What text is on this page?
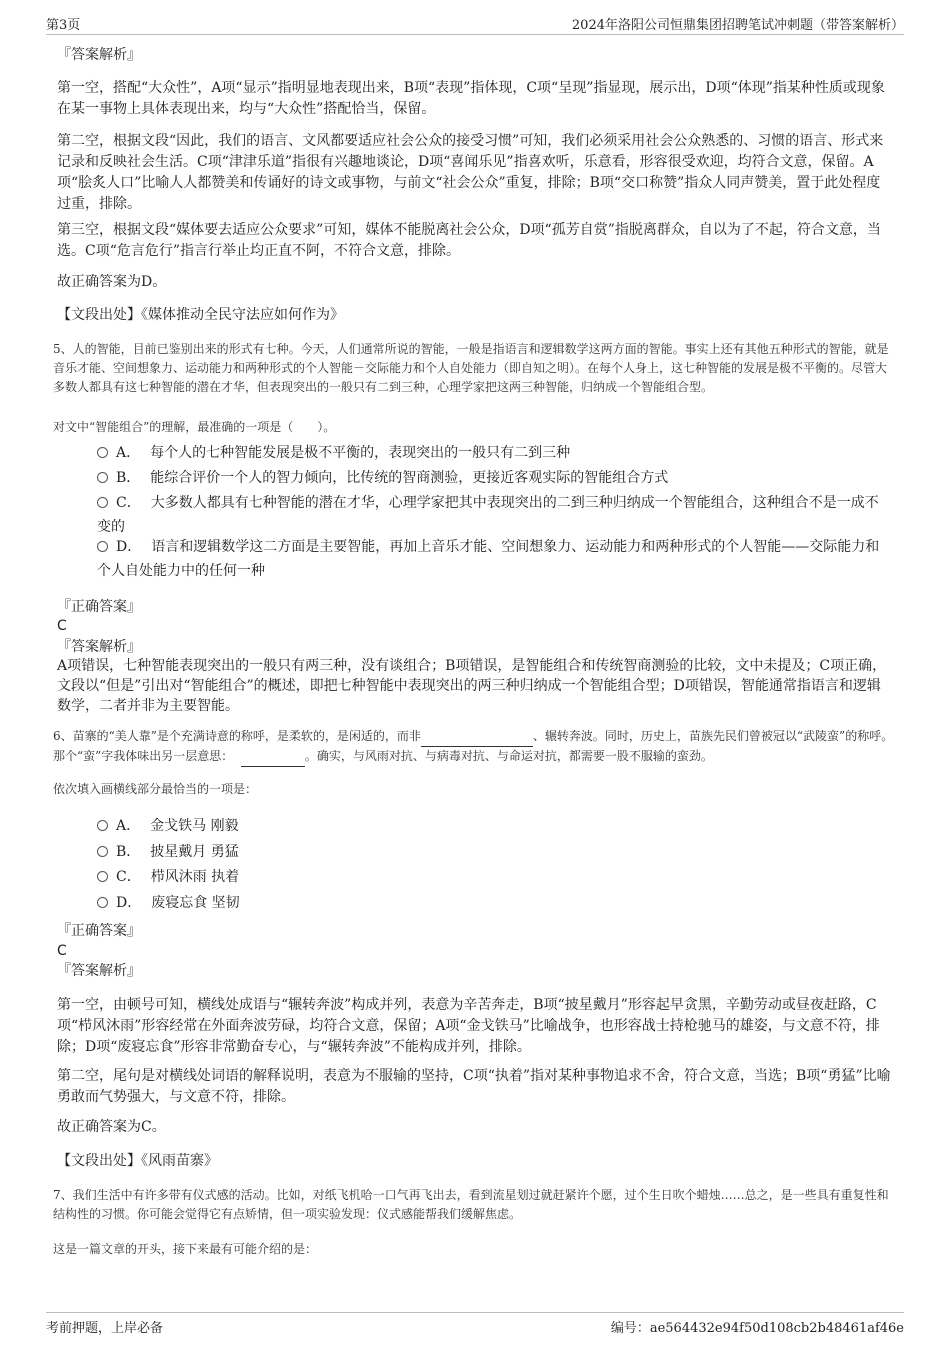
第3页	2024年洛阳公司恒鼎集团招聘笔试冲刺题（带答案解析）
『答案解析』

第一空，搭配“大众性”，A项“显示”指明显地表现出来，B项“表现”指体现，C项“呈现”指显现，展示出，D项“体现”指某种性质或现象在某一事物上具体表现出来，均与“大众性”搭配恰当，保留。

第二空，根据文段“因此，我们的语言、文风都要适应社会公众的接受习惯”可知，我们必须采用社会公众熟悉的、习惯的语言、形式来记录和反映社会生活。C项“津津乐道”指很有兴趣地谈论，D项“喜闻乐见”指喜欢听，乐意看，形容很受欢迎，均符合文意，保留。A项“脍炙人口”比喻人人都赞美和传诵好的诗文或事物，与前文“社会公众”重复，排除；B项“交口称赞”指众人同声赞美，置于此处程度过重，排除。

第三空，根据文段“媒体要去适应公众要求”可知，媒体不能脱离社会公众，D项“孤芳自赏”指脱离群众，自以为了不起，符合文意，当选。C项“危言危行”指言行举止均正直不阿，不符合文意，排除。

故正确答案为D。

【文段出处】《媒体推动全民守法应如何作为》

5、人的智能，目前已鉴别出来的形式有七种。今天，人们通常所说的智能，一般是指语言和逻辑数学这两方面的智能。事实上还有其他五种形式的智能，就是音乐才能、空间想象力、运动能力和两种形式的个人智能－交际能力和个人自处能力（即自知之明）。在每个人身上，这七种智能的发展是极不平衡的。尽管大多数人都具有这七种智能的潜在才华，但表现突出的一般只有二到三种，心理学家把这两三种智能，归纳成一个智能组合型。

对文中“智能组合”的理解，最准确的一项是（　　）。

A． 每个人的七种智能发展是极不平衡的，表现突出的一般只有二到三种
B． 能综合评价一个人的智力倾向，比传统的智商测验，更接近客观实际的智能组合方式
C． 大多数人都具有七种智能的潜在才华，心理学家把其中表现突出的二到三种归纳成一个智能组合，这种组合不是一成不变的
D． 语言和逻辑数学这二方面是主要智能，再加上音乐才能、空间想象力、运动能力和两种形式的个人智能——交际能力和个人自处能力中的任何一种
『正确答案』
C
『答案解析』

A项错误，七种智能表现突出的一般只有两三种，没有谈组合；B项错误，是智能组合和传统智商测验的比较，文中未提及；C项正确，文段以“但是”引出对“智能组合”的概述，即把七种智能中表现突出的两三种归纳成一个智能组合型；D项错误，智能通常指语言和逻辑数学，二者并非为主要智能。

6、苗寨的“美人靠”是个充满诗意的称呼，是柔软的，是闲适的，而非	、辗转奔波。同时，历史上，苗族先民们曾被冠以“武陵蛮”的称呼。那个“蛮”字我体味出另一层意思：	。确实，与风雨对抗、与病毒对抗、与命运对抗，都需要一股不服输的蛮劲。

依次填入画横线部分最恰当的一项是：

A． 金戈铁马 刚毅
B． 披星戴月 勇猛
C． 栉风沐雨 执着
D． 废寝忘食 坚韧
『正确答案』
C
『答案解析』

第一空，由顿号可知，横线处成语与“辗转奔波”构成并列，表意为辛苦奔走，B项“披星戴月”形容起早贪黑，辛勤劳动或昼夜赶路，C项“栉风沐雨”形容经常在外面奔波劳碌，均符合文意，保留；A项“金戈铁马”比喻战争，也形容战士持枪驰马的雄姿，与文意不符，排除；D项“废寝忘食”形容非常勤奋专心，与“辗转奔波”不能构成并列，排除。

第二空，尾句是对横线处词语的解释说明，表意为不服输的坚持，C项“执着”指对某种事物追求不舍，符合文意，当选；B项“勇猛”比喻勇敢而气势强大，与文意不符，排除。

故正确答案为C。

【文段出处】《风雨苗寨》

7、我们生活中有许多带有仪式感的活动。比如，对纸飞机哈一口气再飞出去，看到流星划过就赶紧许个愿，过个生日吹个蜡烛……总之，是一些具有重复性和结构性的习惯。你可能会觉得它有点矫情，但一项实验发现：仪式感能帮我们缓解焦虑。

这是一篇文章的开头，接下来最有可能介绍的是：

考前押题，上岸必备	编号：ae564432e94f50d108cb2b48461af46e
